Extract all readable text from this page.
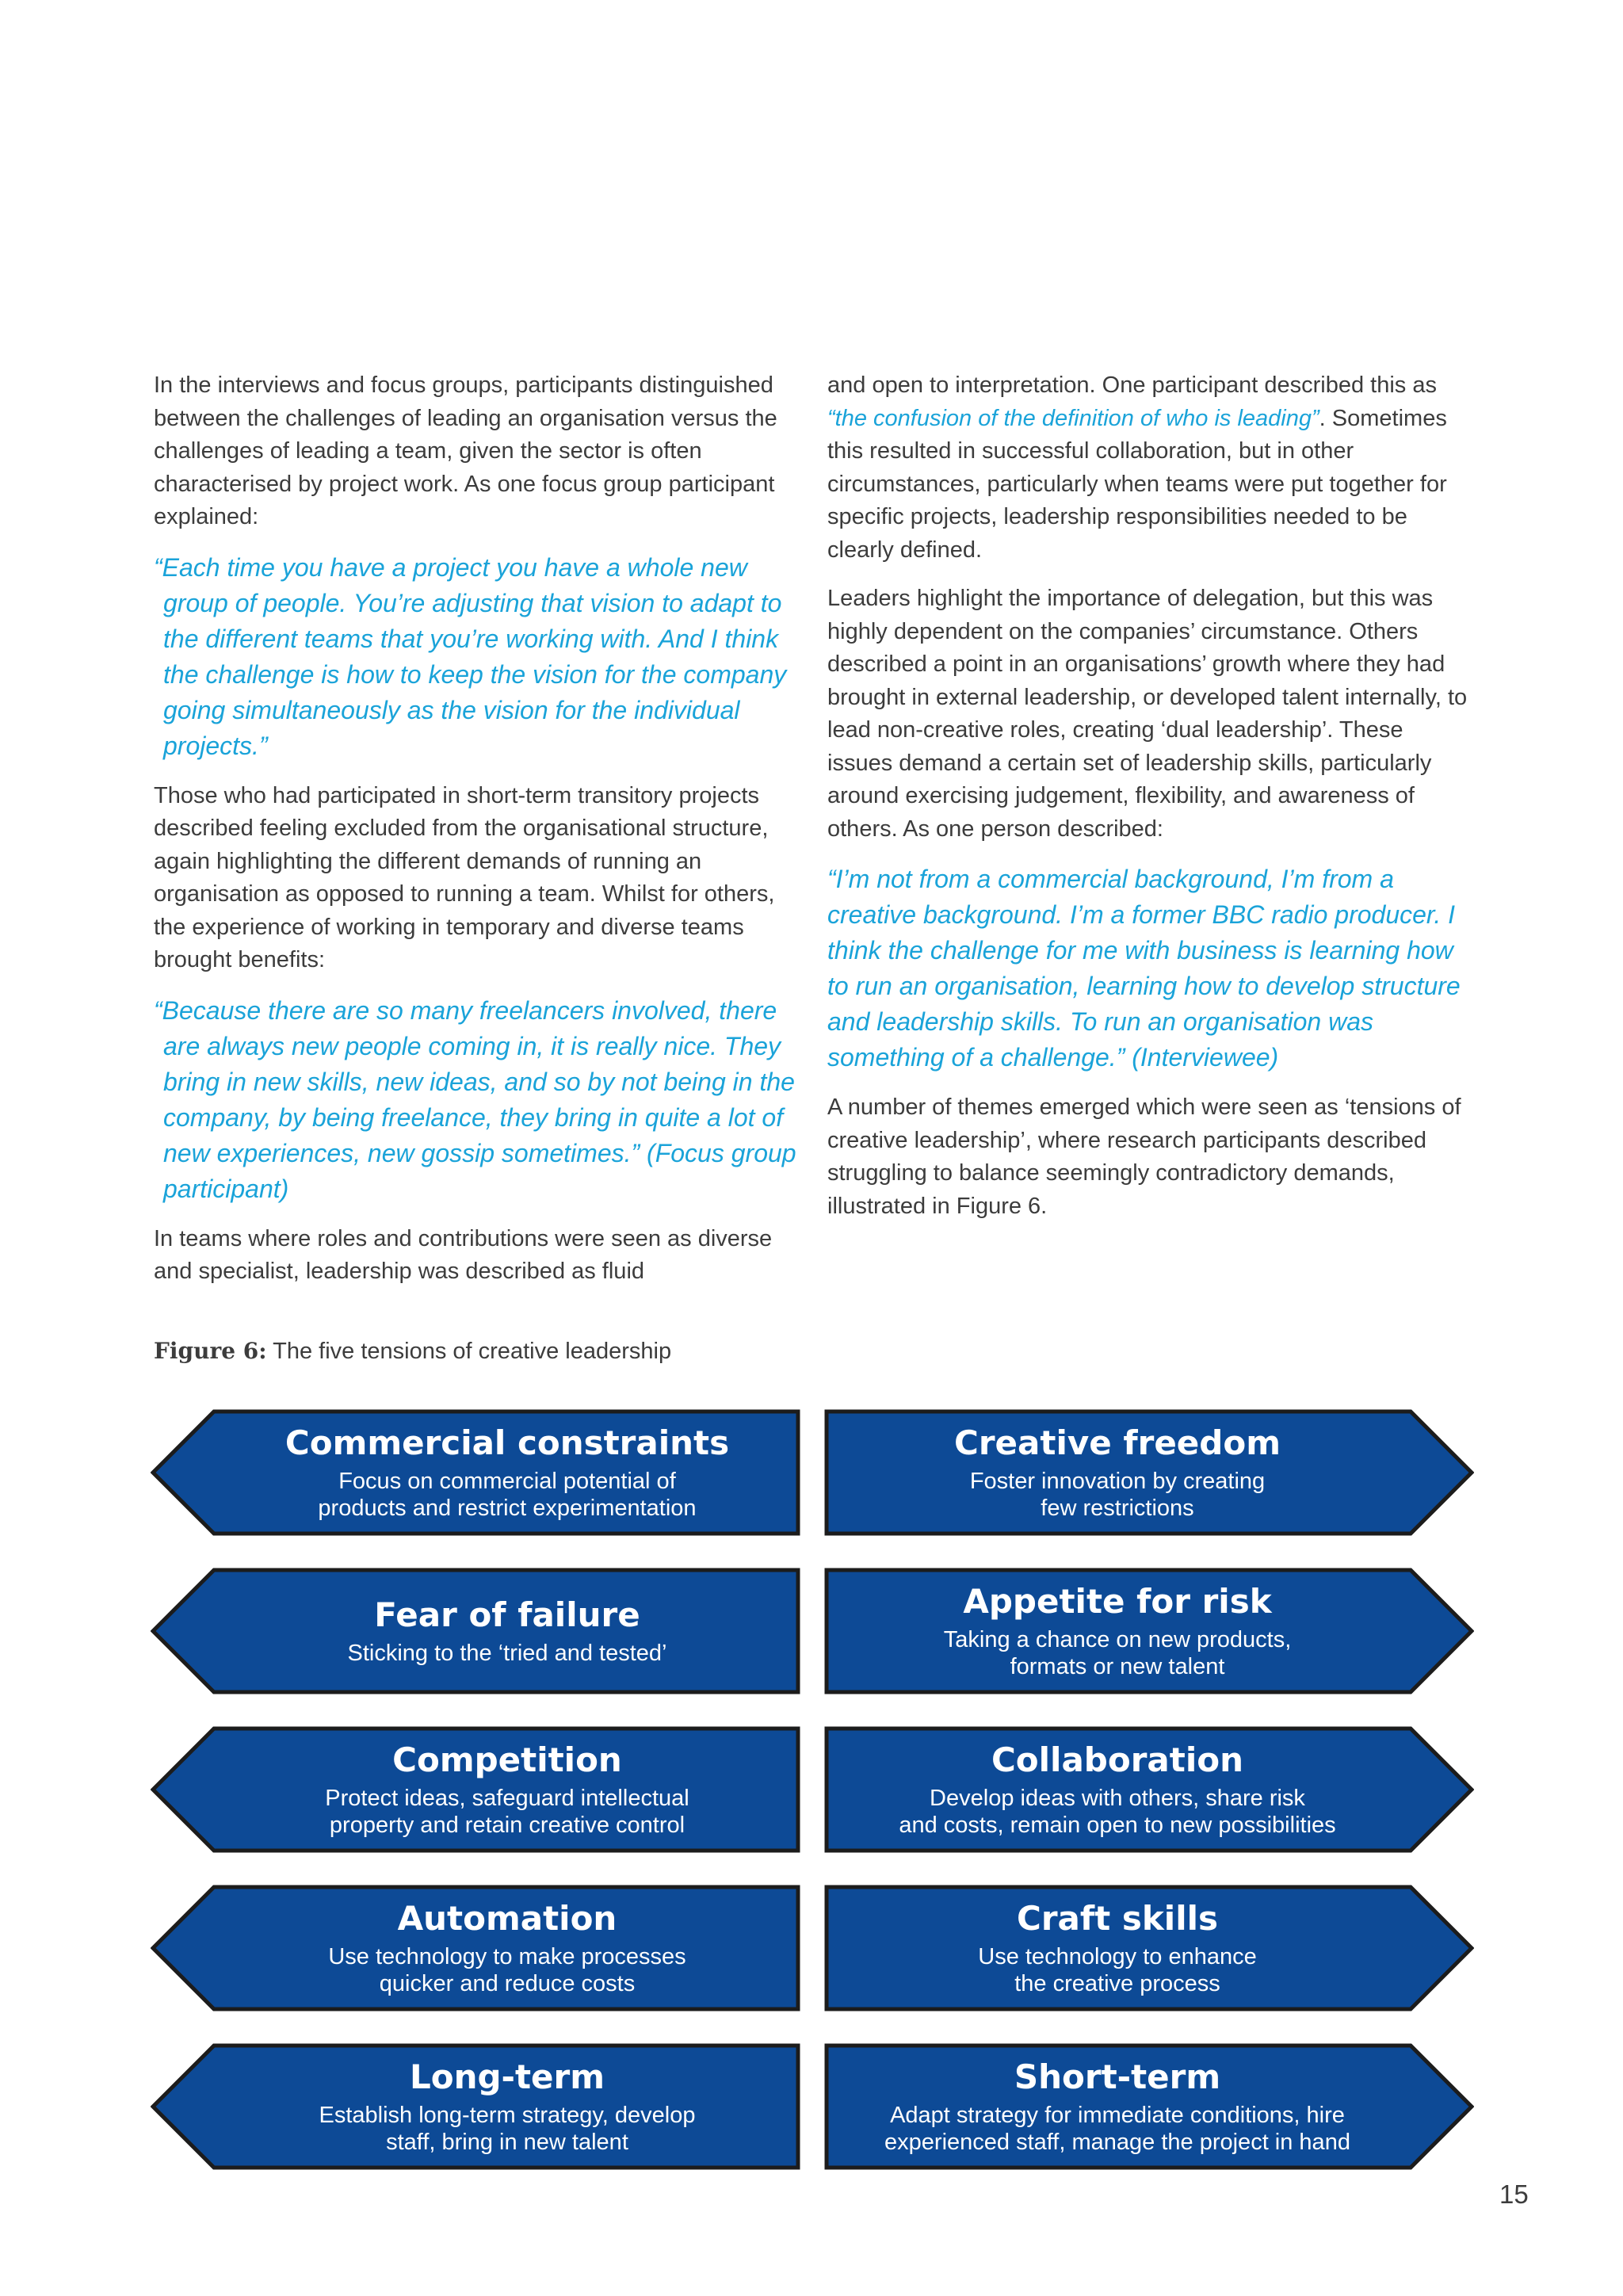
In the interviews and focus groups, participants distinguished between the challenges of leading an organisation versus the challenges of leading a team, given the sector is often characterised by project work. As one focus group participant explained:

“Each time you have a project you have a whole new group of people. You’re adjusting that vision to adapt to the different teams that you’re working with. And I think the challenge is how to keep the vision for the company going simultaneously as the vision for the individual projects.”

Those who had participated in short-term transitory projects described feeling excluded from the organisational structure, again highlighting the different demands of running an organisation as opposed to running a team. Whilst for others, the experience of working in temporary and diverse teams brought benefits:

“Because there are so many freelancers involved, there are always new people coming in, it is really nice. They bring in new skills, new ideas, and so by not being in the company, by being freelance, they bring in quite a lot of new experiences, new gossip sometimes.” (Focus group participant)

In teams where roles and contributions were seen as diverse and specialist, leadership was described as fluid

and open to interpretation. One participant described this as “the confusion of the definition of who is leading”. Sometimes this resulted in successful collaboration, but in other circumstances, particularly when teams were put together for specific projects, leadership responsibilities needed to be clearly defined.

Leaders highlight the importance of delegation, but this was highly dependent on the companies’ circumstance. Others described a point in an organisations’ growth where they had brought in external leadership, or developed talent internally, to lead non-creative roles, creating ‘dual leadership’. These issues demand a certain set of leadership skills, particularly around exercising judgement, flexibility, and awareness of others. As one person described:

“I’m not from a commercial background, I’m from a creative background. I’m a former BBC radio producer. I think the challenge for me with business is learning how to run an organisation, learning how to develop structure and leadership skills. To run an organisation was something of a challenge.” (Interviewee)

A number of themes emerged which were seen as ‘tensions of creative leadership’, where research participants described struggling to balance seemingly contradictory demands, illustrated in Figure 6.

Figure 6: The five tensions of creative leadership
Commercial constraints
Focus on commercial potential of
products and restrict experimentation
Creative freedom
Foster innovation by creating
few restrictions
Fear of failure
Sticking to the ‘tried and tested’
Appetite for risk
Taking a chance on new products,
formats or new talent
Competition
Protect ideas, safeguard intellectual
property and retain creative control
Collaboration
Develop ideas with others, share risk
and costs, remain open to new possibilities
Automation
Use technology to make processes
quicker and reduce costs
Craft skills
Use technology to enhance
the creative process
Long-term
Establish long-term strategy, develop
staff, bring in new talent
Short-term
Adapt strategy for immediate conditions, hire
experienced staff, manage the project in hand
15
